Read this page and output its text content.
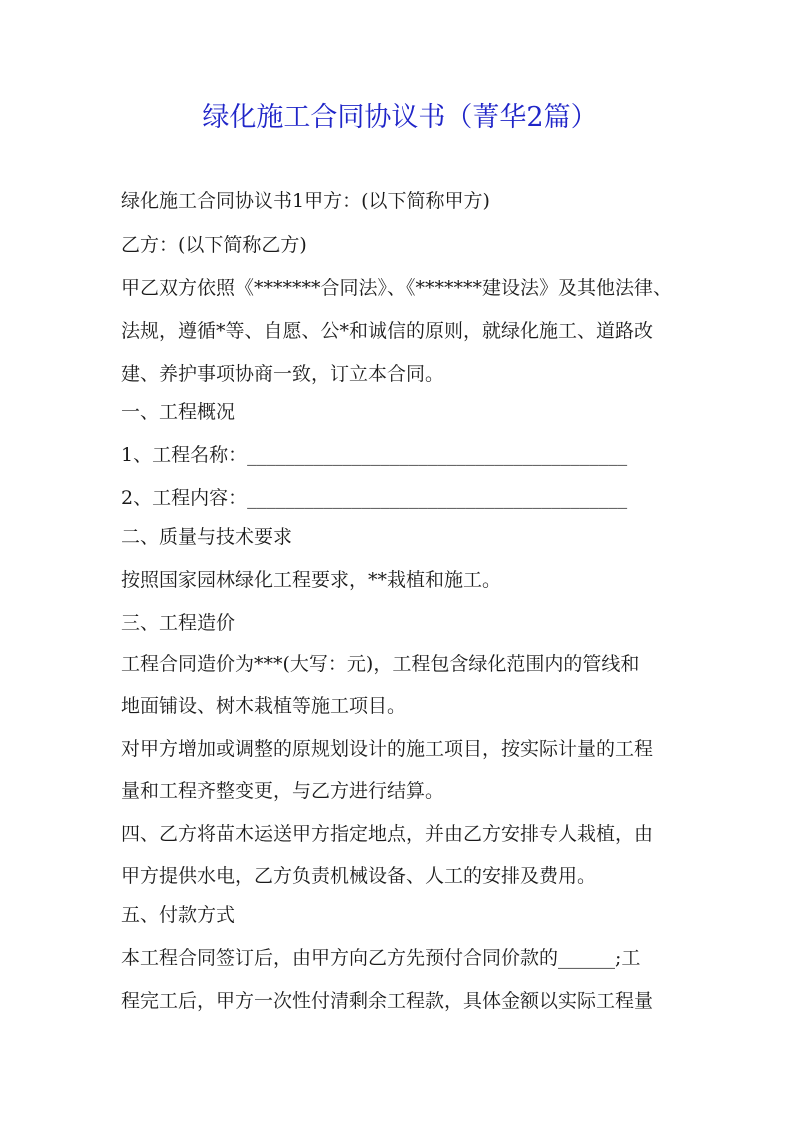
绿化施工合同协议书（菁华2篇）

绿化施工合同协议书1甲方：(以下简称甲方)

乙方：(以下简称乙方)

甲乙双方依照《*******合同法》、《*******建设法》及其他法律、

法规，遵循*等、自愿、公*和诚信的原则，就绿化施工、道路改

建、养护事项协商一致，订立本合同。

一、工程概况

1、工程名称：________________________________________

2、工程内容：________________________________________

二、质量与技术要求

按照国家园林绿化工程要求，**栽植和施工。

三、工程造价

工程合同造价为***(大写：元)，工程包含绿化范围内的管线和

地面铺设、树木栽植等施工项目。

对甲方增加或调整的原规划设计的施工项目，按实际计量的工程

量和工程齐整变更，与乙方进行结算。

四、乙方将苗木运送甲方指定地点，并由乙方安排专人栽植，由

甲方提供水电，乙方负责机械设备、人工的安排及费用。

五、付款方式

本工程合同签订后，由甲方向乙方先预付合同价款的______;工

程完工后，甲方一次性付清剩余工程款，具体金额以实际工程量
